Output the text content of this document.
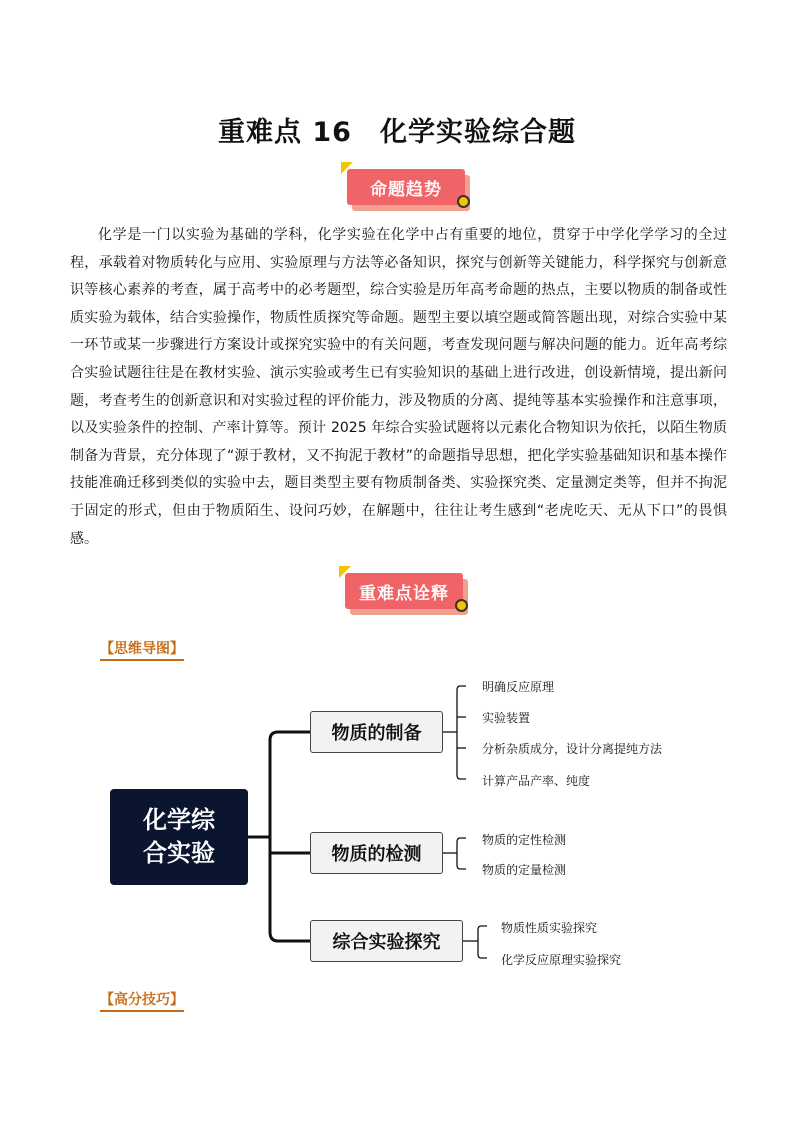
重难点 16　化学实验综合题
命题趋势

化学是一门以实验为基础的学科，化学实验在化学中占有重要的地位，贯穿于中学化学学习的全过程，承载着对物质转化与应用、实验原理与方法等必备知识，探究与创新等关键能力，科学探究与创新意识等核心素养的考查，属于高考中的必考题型，综合实验是历年高考命题的热点，主要以物质的制备或性质实验为载体，结合实验操作，物质性质探究等命题。题型主要以填空题或简答题出现，对综合实验中某一环节或某一步骤进行方案设计或探究实验中的有关问题，考查发现问题与解决问题的能力。近年高考综合实验试题往往是在教材实验、演示实验或考生已有实验知识的基础上进行改进，创设新情境，提出新问题，考查考生的创新意识和对实验过程的评价能力，涉及物质的分离、提纯等基本实验操作和注意事项，以及实验条件的控制、产率计算等。预计 2025 年综合实验试题将以元素化合物知识为依托，以陌生物质制备为背景，充分体现了“源于教材，又不拘泥于教材”的命题指导思想，把化学实验基础知识和基本操作技能准确迁移到类似的实验中去，题目类型主要有物质制备类、实验探究类、定量测定类等，但并不拘泥于固定的形式，但由于物质陌生、设问巧妙，在解题中，往往让考生感到“老虎吃天、无从下口”的畏惧感。

重难点诠释
【思维导图】
化学综合实验
物质的制备
物质的检测
综合实验探究
明确反应原理
实验装置
分析杂质成分，设计分离提纯方法
计算产品产率、纯度
物质的定性检测
物质的定量检测
物质性质实验探究
化学反应原理实验探究
【高分技巧】
